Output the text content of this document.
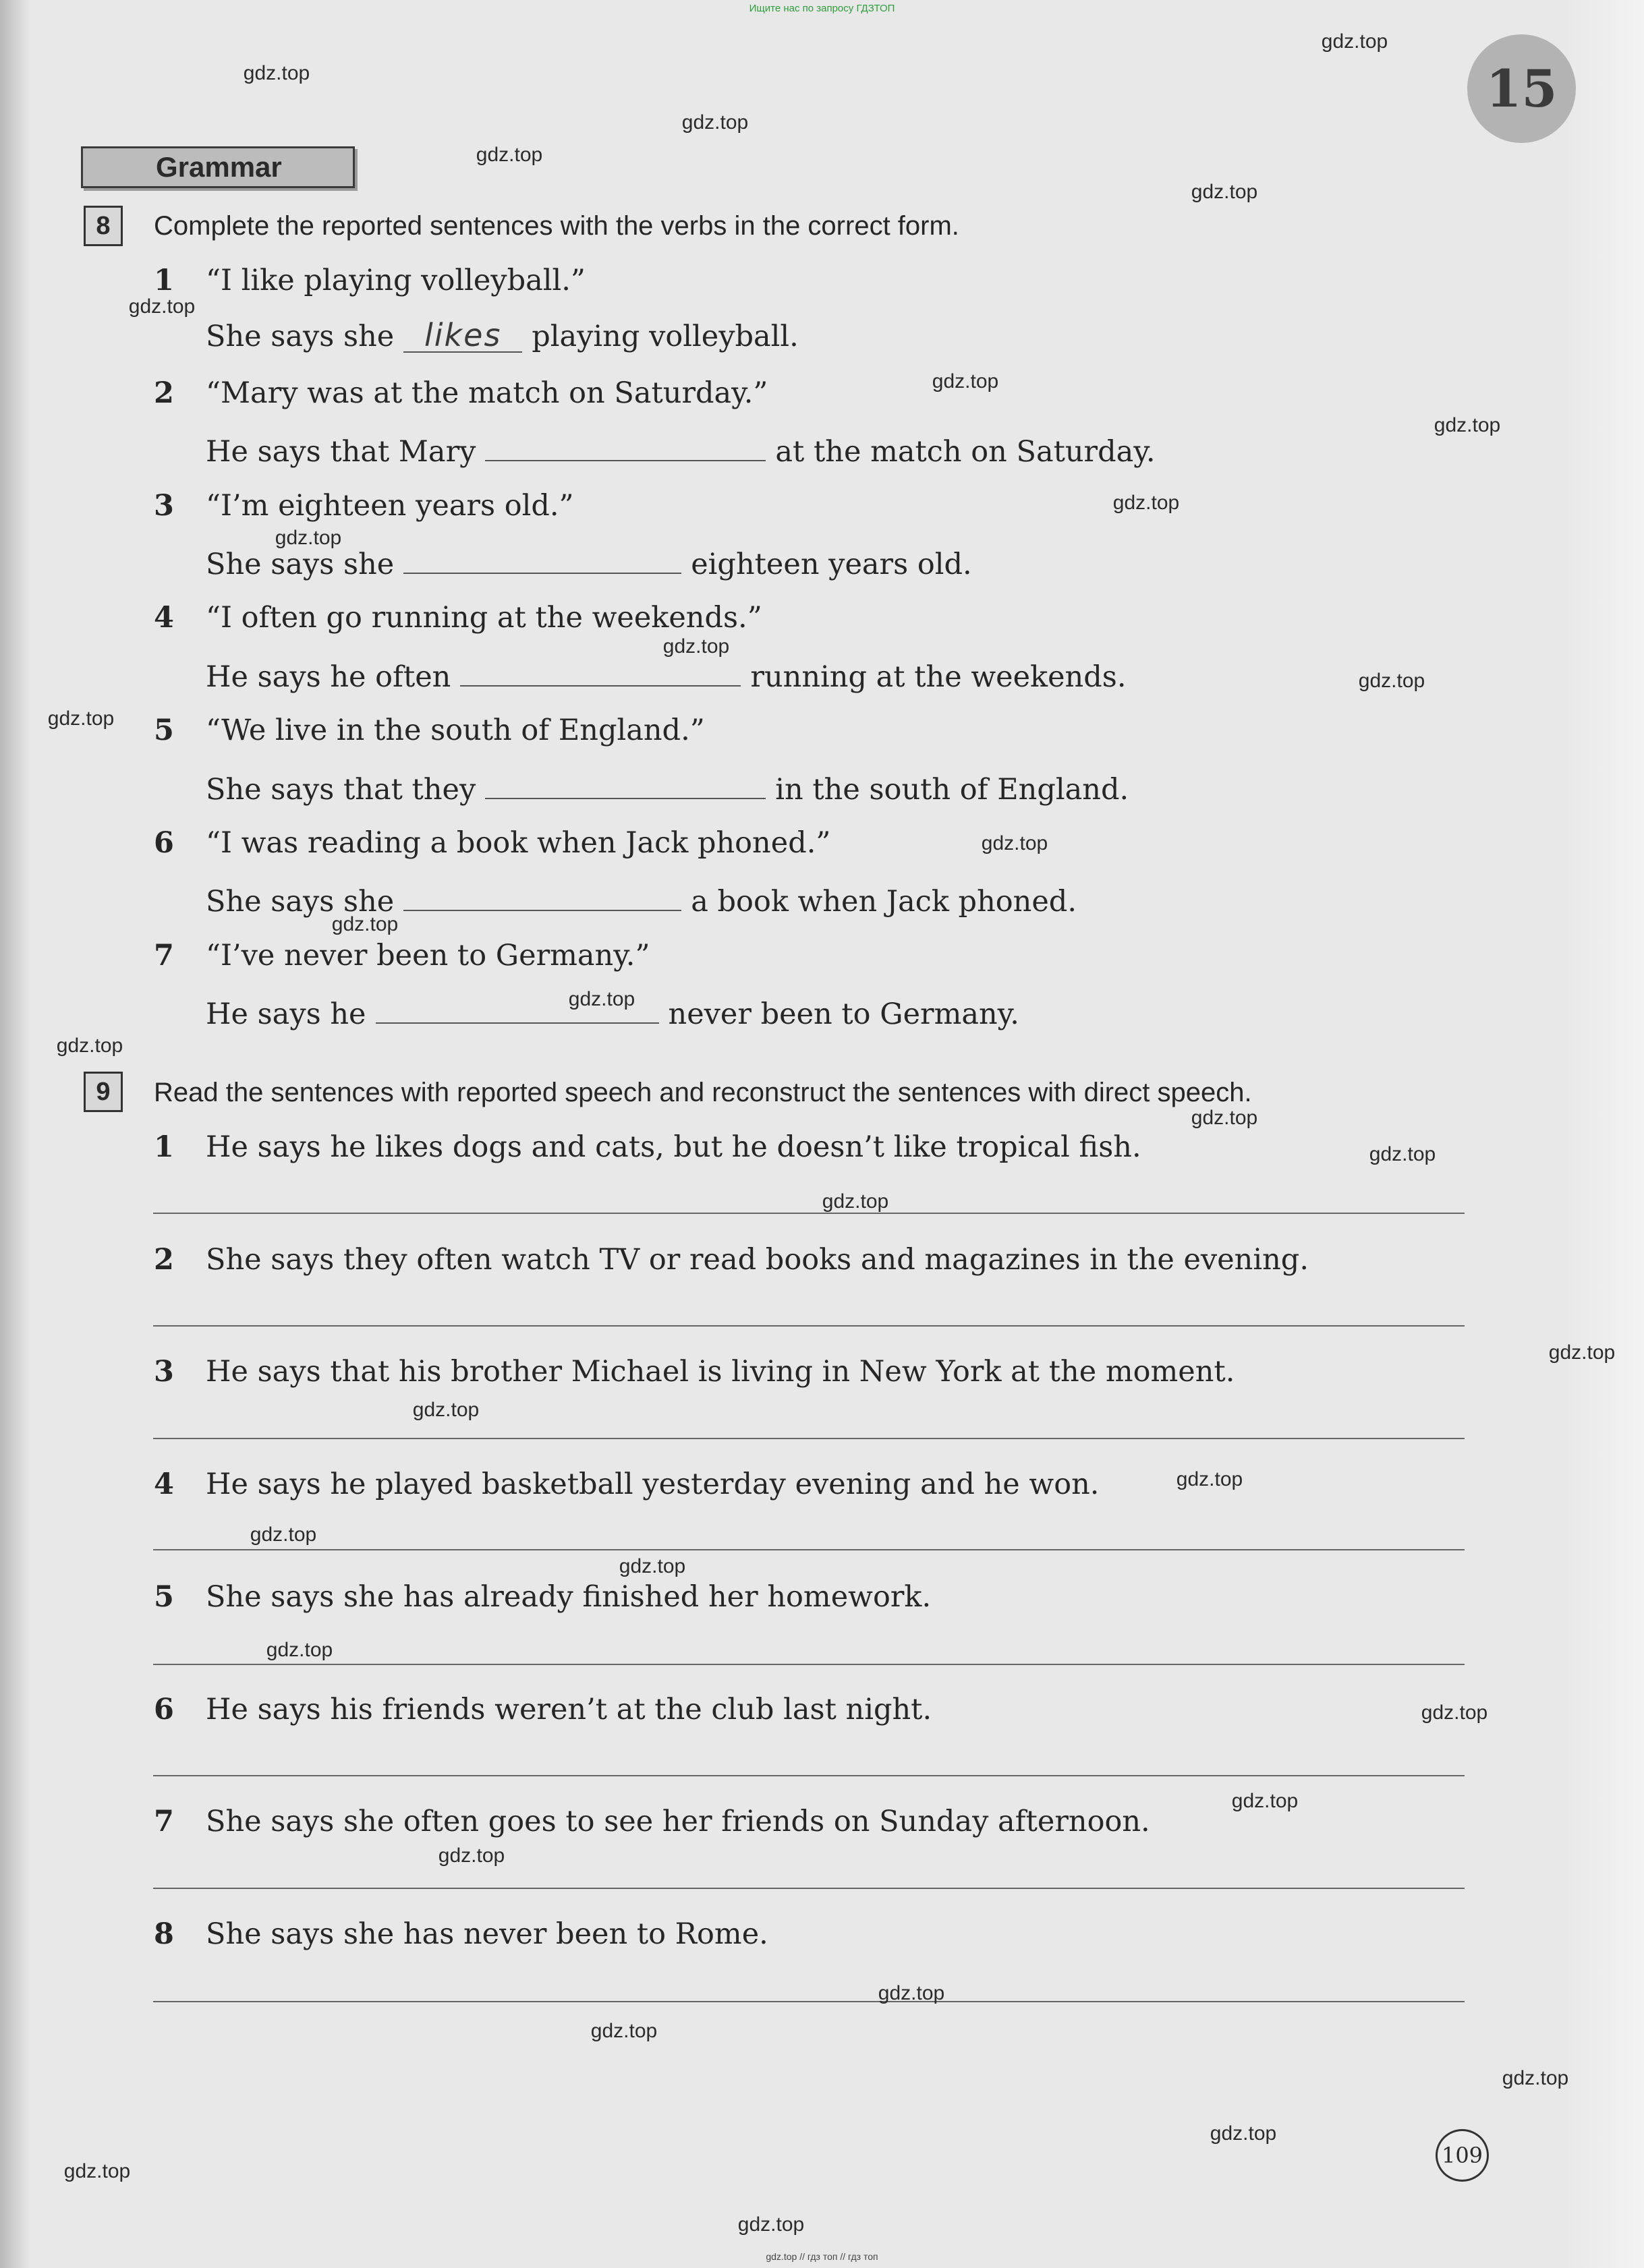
Ищите нас по запросу ГДЗТОП
15
Grammar
8	Complete the reported sentences with the verbs in the correct form.
1 “I like playing volleyball.”
She says she likes playing volleyball.
2 “Mary was at the match on Saturday.”
He says that Mary	at the match on Saturday.
3 “I’m eighteen years old.”
She says she	eighteen years old.
4 “I often go running at the weekends.”
He says he often	running at the weekends.
5 “We live in the south of England.”
She says that they	in the south of England.
6 “I was reading a book when Jack phoned.”
She says she	a book when Jack phoned.
7 “I’ve never been to Germany.”
He says he	never been to Germany.
9	Read the sentences with reported speech and reconstruct the sentences with direct speech.
1 He says he likes dogs and cats, but he doesn’t like tropical fish.
2 She says they often watch TV or read books and magazines in the evening.
3 He says that his brother Michael is living in New York at the moment.
4 He says he played basketball yesterday evening and he won.
5 She says she has already finished her homework.
6 He says his friends weren’t at the club last night.
7 She says she often goes to see her friends on Sunday afternoon.
8 She says she has never been to Rome.
109
gdz.top // гдз топ // гдз топ
gdz.top
gdz.top
gdz.top
gdz.top
gdz.top
gdz.top
gdz.top
gdz.top
gdz.top
gdz.top
gdz.top
gdz.top
gdz.top
gdz.top
gdz.top
gdz.top
gdz.top
gdz.top
gdz.top
gdz.top
gdz.top
gdz.top
gdz.top
gdz.top
gdz.top
gdz.top
gdz.top
gdz.top
gdz.top
gdz.top
gdz.top
gdz.top
gdz.top
gdz.top
gdz.top
